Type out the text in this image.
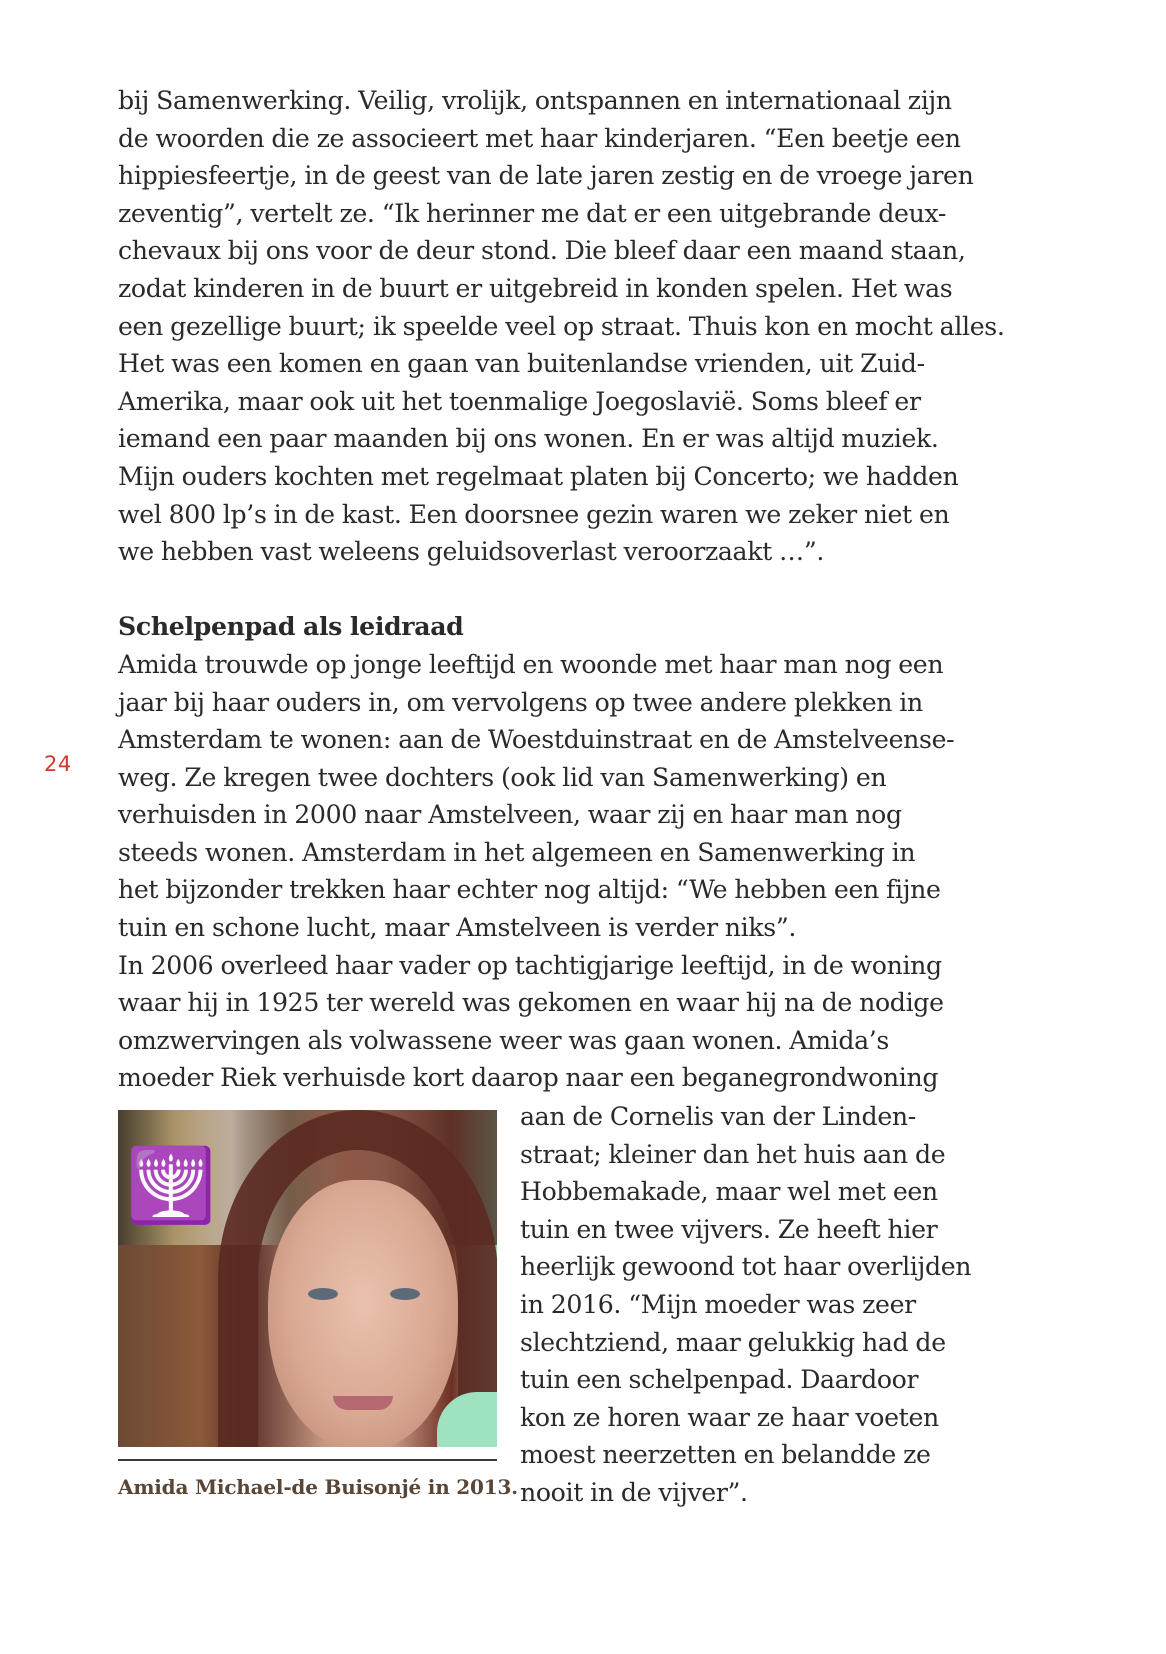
24
bij Samenwerking. Veilig, vrolijk, ontspannen en internationaal zijn
de woorden die ze associeert met haar kinderjaren. “Een beetje een
hippiesfeertje, in de geest van de late jaren zestig en de vroege jaren
zeventig”, vertelt ze. “Ik herinner me dat er een uitgebrande deux-
chevaux bij ons voor de deur stond. Die bleef daar een maand staan,
zodat kinderen in de buurt er uitgebreid in konden spelen. Het was
een gezellige buurt; ik speelde veel op straat. Thuis kon en mocht alles.
Het was een komen en gaan van buitenlandse vrienden, uit Zuid-
Amerika, maar ook uit het toenmalige Joegoslavië. Soms bleef er
iemand een paar maanden bij ons wonen. En er was altijd muziek.
Mijn ouders kochten met regelmaat platen bij Concerto; we hadden
wel 800 lp’s in de kast. Een doorsnee gezin waren we zeker niet en
we hebben vast weleens geluidsoverlast veroorzaakt …”.
Schelpenpad als leidraad
Amida trouwde op jonge leeftijd en woonde met haar man nog een
jaar bij haar ouders in, om vervolgens op twee andere plekken in
Amsterdam te wonen: aan de Woestduinstraat en de Amstelveense-
weg. Ze kregen twee dochters (ook lid van Samenwerking) en
verhuisden in 2000 naar Amstelveen, waar zij en haar man nog
steeds wonen. Amsterdam in het algemeen en Samenwerking in
het bijzonder trekken haar echter nog altijd: “We hebben een fijne
tuin en schone lucht, maar Amstelveen is verder niks”.
In 2006 overleed haar vader op tachtigjarige leeftijd, in de woning
waar hij in 1925 ter wereld was gekomen en waar hij na de nodige
omzwervingen als volwassene weer was gaan wonen. Amida’s
moeder Riek verhuisde kort daarop naar een beganegrondwoning
🕎
Amida Michael-de Buisonjé in 2013.
aan de Cornelis van der Linden-
straat; kleiner dan het huis aan de
Hobbemakade, maar wel met een
tuin en twee vijvers. Ze heeft hier
heerlijk gewoond tot haar overlijden
in 2016. “Mijn moeder was zeer
slechtziend, maar gelukkig had de
tuin een schelpenpad. Daardoor
kon ze horen waar ze haar voeten
moest neerzetten en belandde ze
nooit in de vijver”.
